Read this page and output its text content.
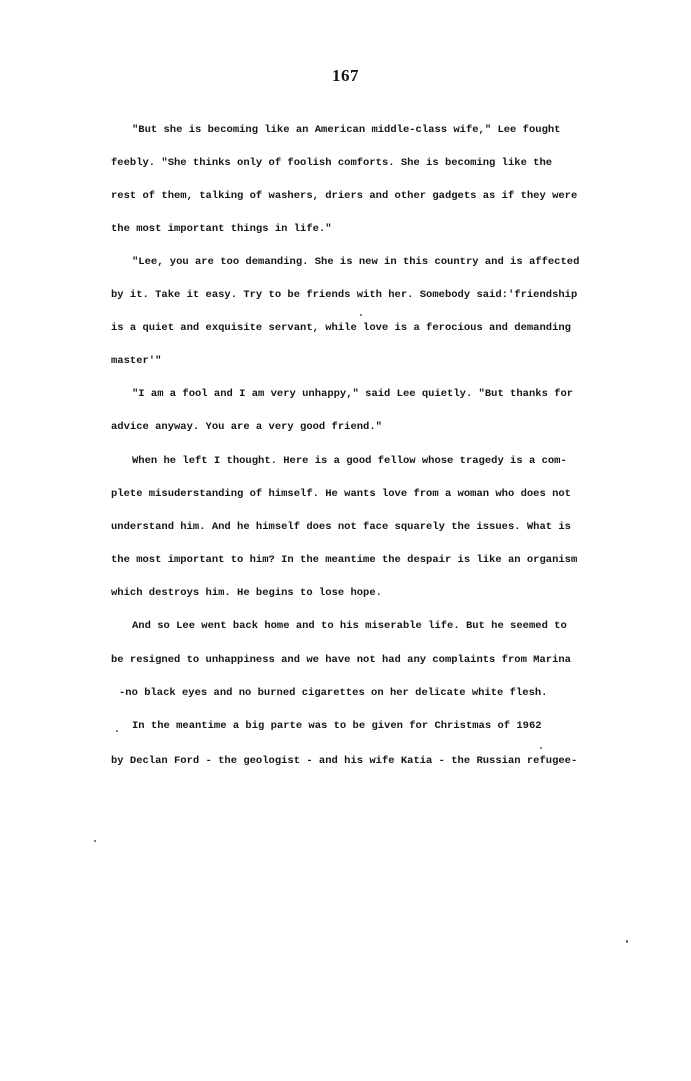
167
"But she is becoming like an American middle-class wife," Lee fought
feebly. "She thinks only of foolish comforts. She is becoming like the
rest of them, talking of washers, driers and other gadgets as if they were
the most important things in life."
"Lee, you are too demanding. She is new in this country and is affected
by it. Take it easy. Try to be friends with her. Somebody said:'friendship
is a quiet and exquisite servant, while love is a ferocious and demanding
master'"
"I am a fool and I am very unhappy," said Lee quietly. "But thanks for
advice anyway. You are a very good friend."
When he left I thought. Here is a good fellow whose tragedy is a com-
plete misuderstanding of himself. He wants love from a woman who does not
understand him. And he himself does not face squarely the issues. What is
the most important to him? In the meantime the despair is like an organism
which destroys him. He begins to lose hope.
And so Lee went back home and to his miserable life. But he seemed to
be resigned to unhappiness and we have not had any complaints from Marina
-no black eyes and no burned cigarettes on her delicate white flesh.
In the meantime a big parte was to be given for Christmas of 1962
by Declan Ford - the geologist - and his wife Katia - the Russian refugee-
